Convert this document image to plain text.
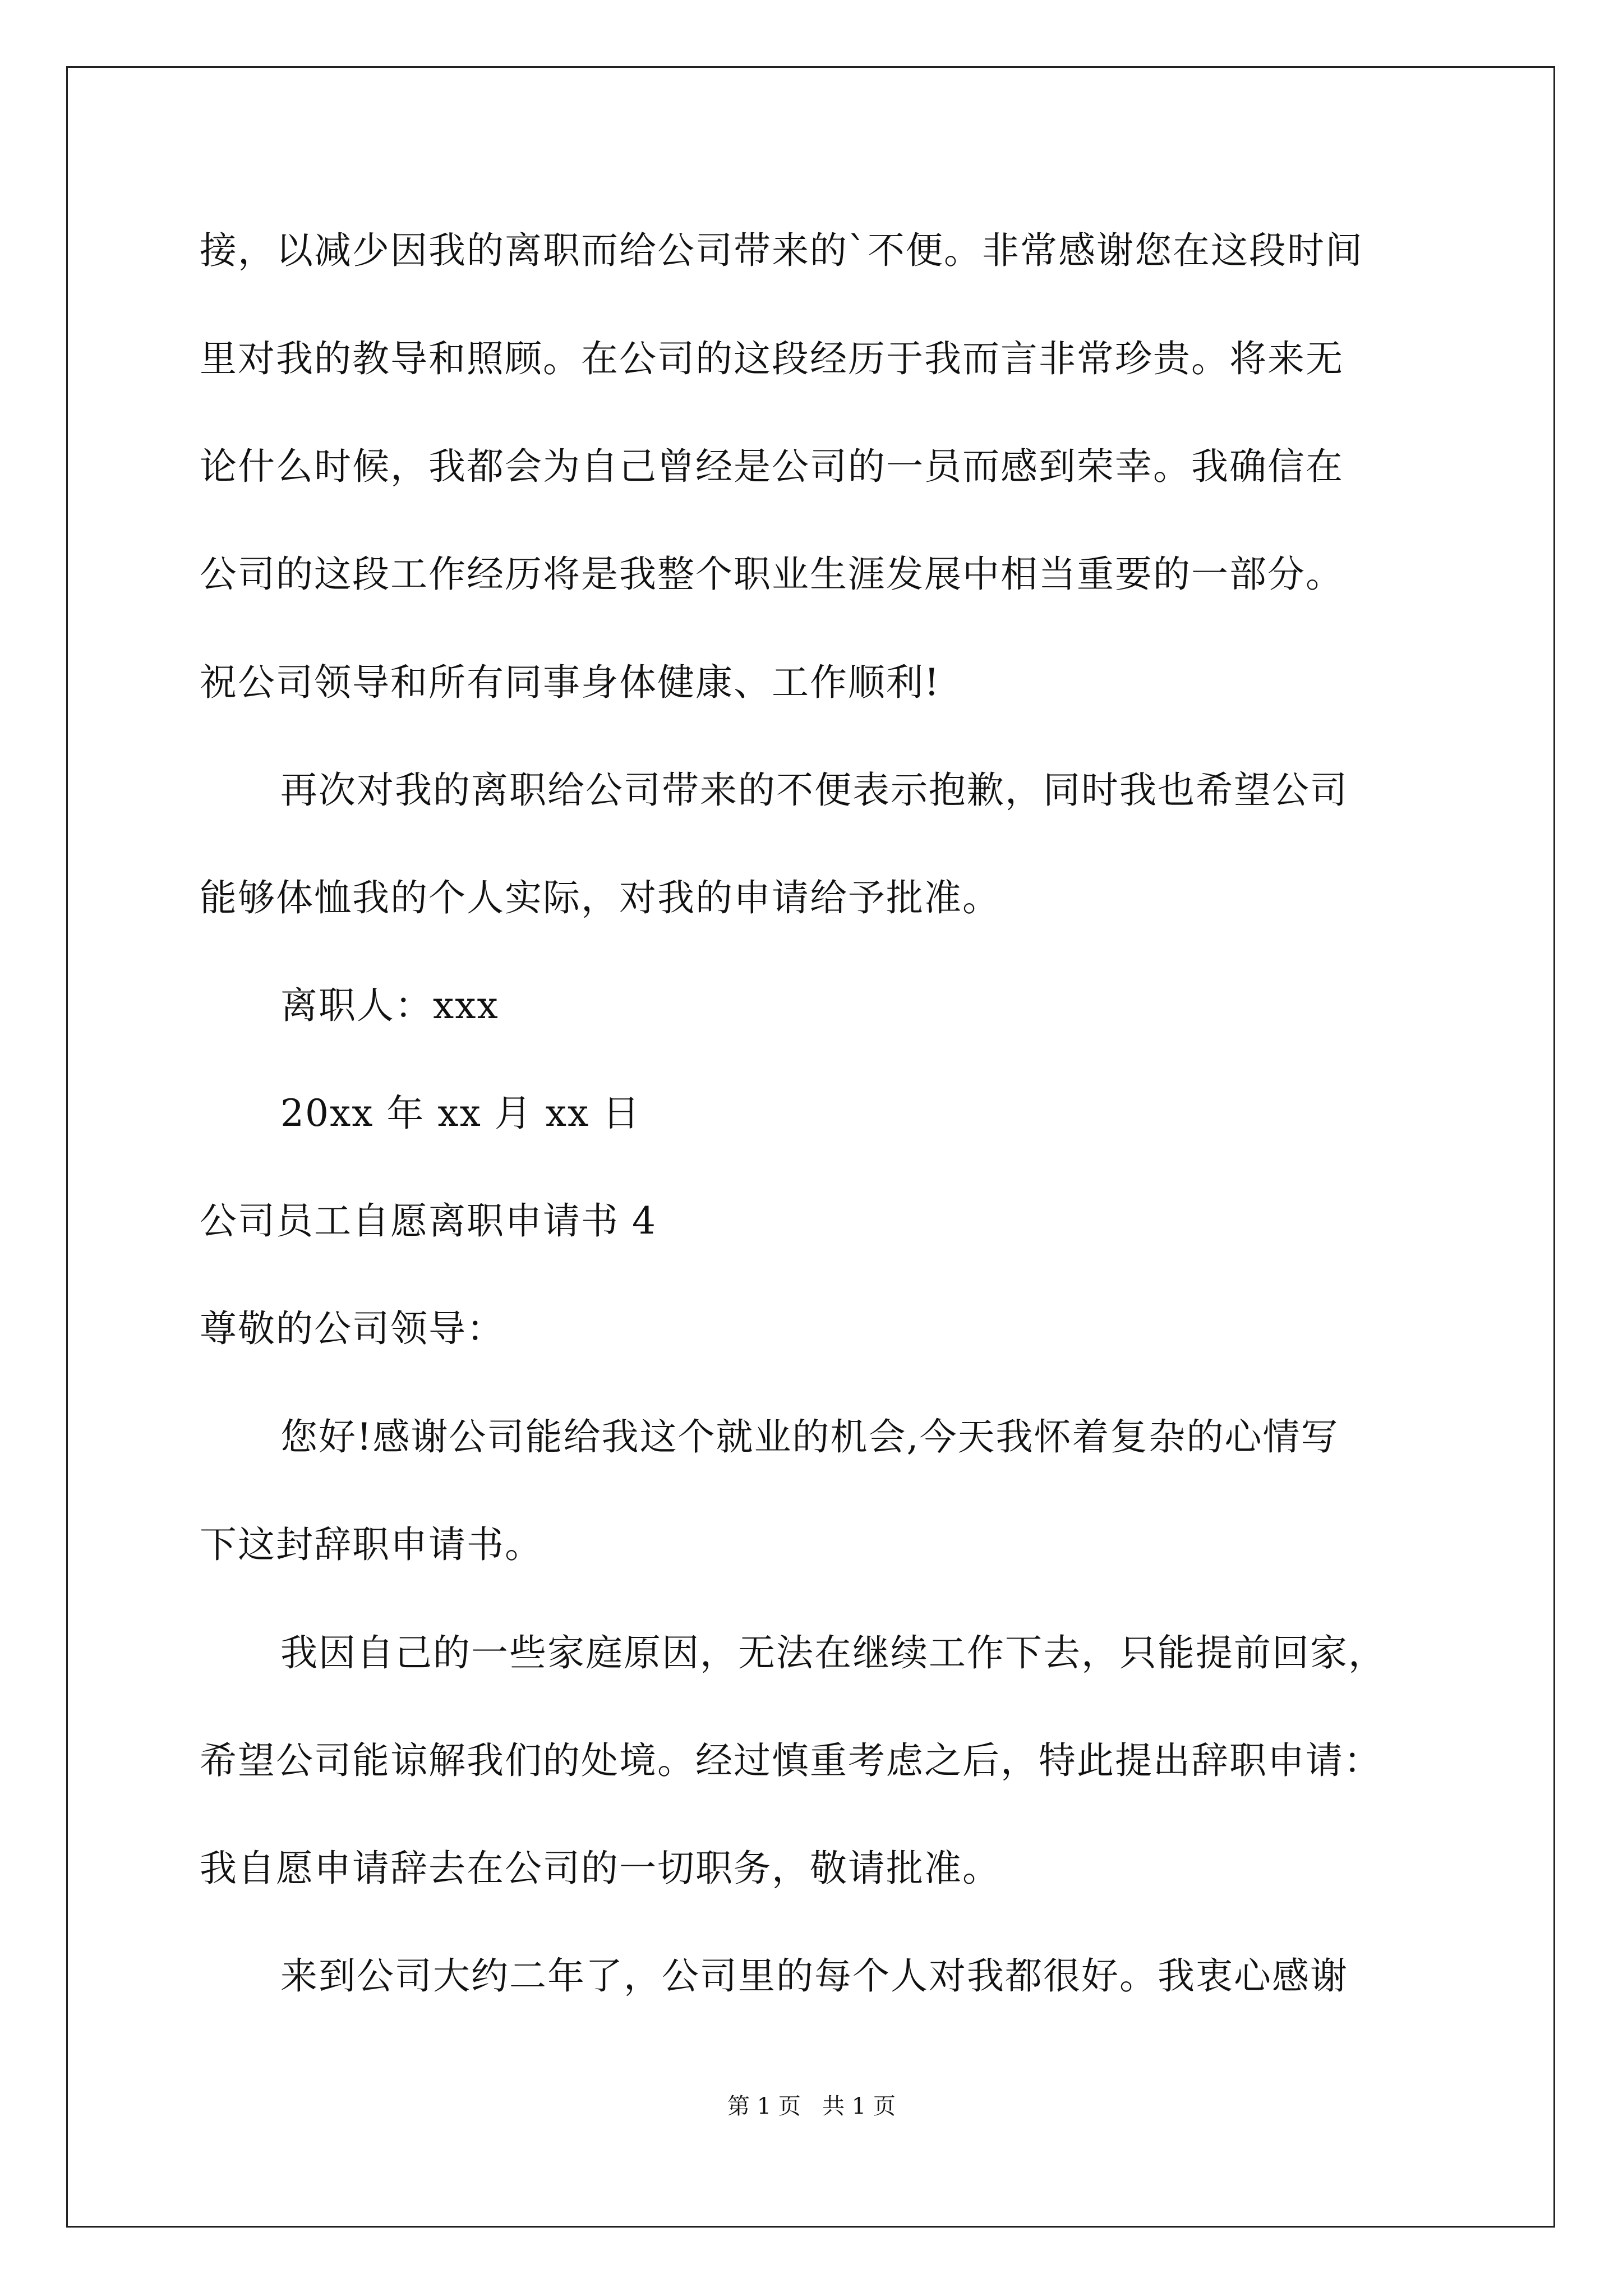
接，以减少因我的离职而给公司带来的`不便。非常感谢您在这段时间
里对我的教导和照顾。在公司的这段经历于我而言非常珍贵。将来无
论什么时候，我都会为自己曾经是公司的一员而感到荣幸。我确信在
公司的这段工作经历将是我整个职业生涯发展中相当重要的一部分。
祝公司领导和所有同事身体健康、工作顺利!
再次对我的离职给公司带来的不便表示抱歉，同时我也希望公司
能够体恤我的个人实际，对我的申请给予批准。
离职人：xxx
20xx 年 xx 月 xx 日
公司员工自愿离职申请书 4
尊敬的公司领导：
您好!感谢公司能给我这个就业的机会,今天我怀着复杂的心情写
下这封辞职申请书。
我因自己的一些家庭原因，无法在继续工作下去，只能提前回家，
希望公司能谅解我们的处境。经过慎重考虑之后，特此提出辞职申请：
我自愿申请辞去在公司的一切职务，敬请批准。
来到公司大约二年了，公司里的每个人对我都很好。我衷心感谢
第 1 页   共 1 页
